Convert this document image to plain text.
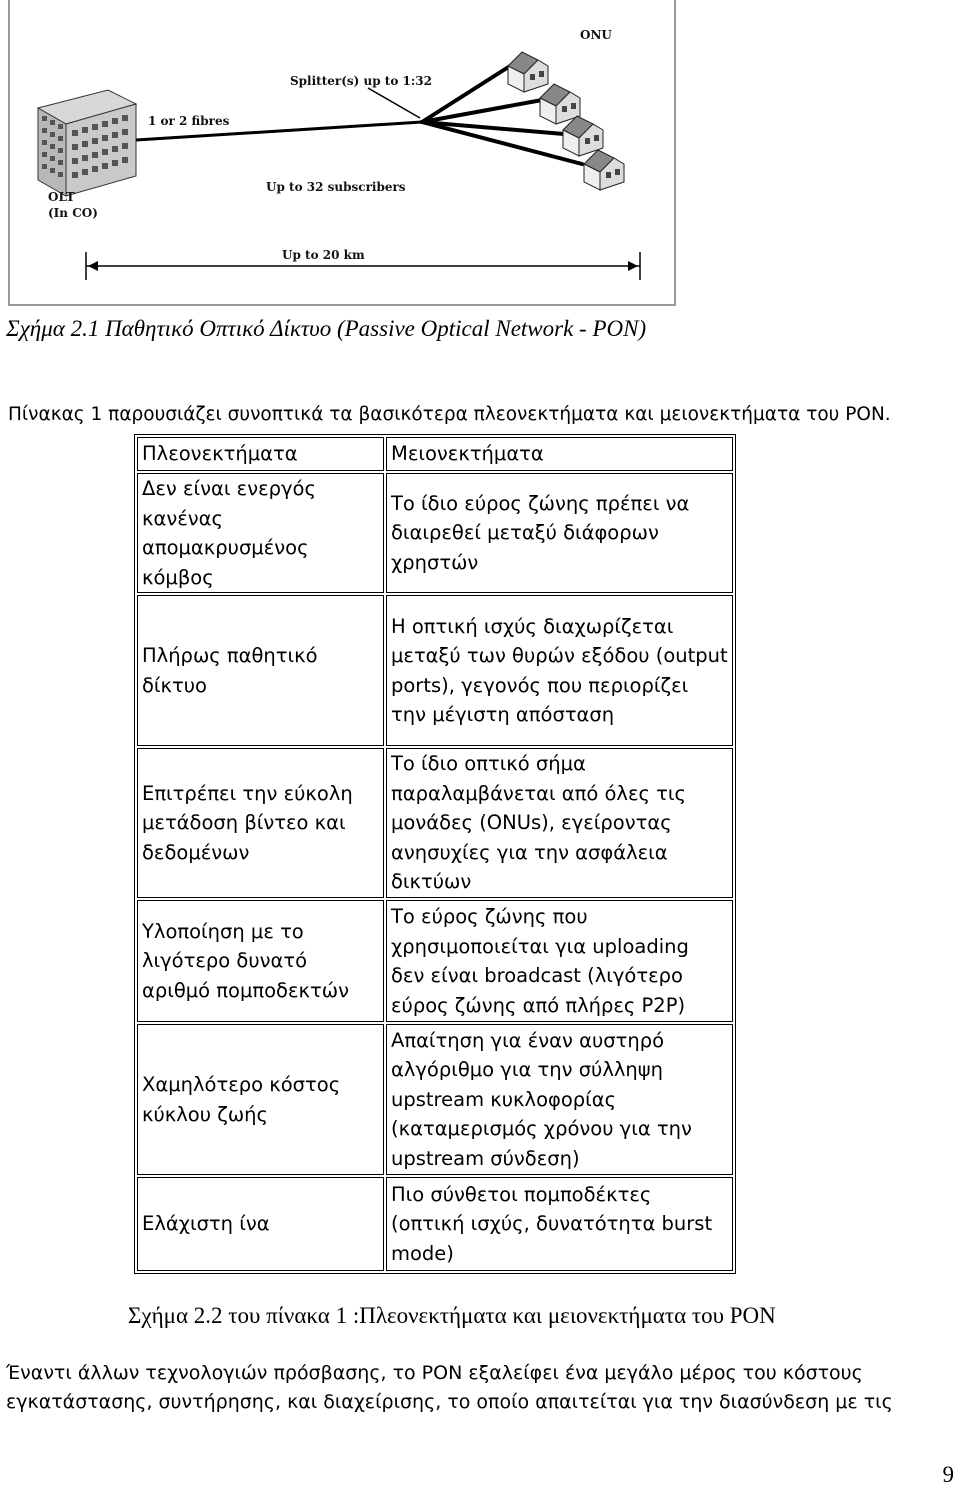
ONU
Splitter(s) up to 1:32
1 or 2 fibres
OLT
(In CO)
Up to 32 subscribers
Up to 20 km
Σχήμα 2.1 Παθητικό Οπτικό Δίκτυο (Passive Optical Network - PON)
Πίνακας 1 παρουσιάζει συνοπτικά τα βασικότερα πλεονεκτήματα και μειονεκτήματα του PON.
Πλεονεκτήματα	Μειονεκτήματα
Δεν είναι ενεργός κανένας απομακρυσμένος κόμβος	Το ίδιο εύρος ζώνης πρέπει να διαιρεθεί μεταξύ διάφορων χρηστών
Πλήρως παθητικό δίκτυο	Η οπτική ισχύς διαχωρίζεται μεταξύ των θυρών εξόδου (output ports), γεγονός που περιορίζει την μέγιστη απόσταση
Επιτρέπει την εύκολη μετάδοση βίντεο και δεδομένων	Το ίδιο οπτικό σήμα παραλαμβάνεται από όλες τις μονάδες (ONUs), εγείροντας ανησυχίες για την ασφάλεια δικτύων
Υλοποίηση με το λιγότερο δυνατό αριθμό πομποδεκτών	Το εύρος ζώνης που χρησιμοποιείται για uploading δεν είναι broadcast (λιγότερο εύρος ζώνης από πλήρες P2P)
Χαμηλότερο κόστος κύκλου ζωής	Απαίτηση για έναν αυστηρό αλγόριθμο για την σύλληψη upstream κυκλοφορίας (καταμερισμός χρόνου για την upstream σύνδεση)
Ελάχιστη ίνα	Πιο σύνθετοι πομποδέκτες (οπτική ισχύς, δυνατότητα burst mode)
Σχήμα 2.2 του πίνακα 1 :Πλεονεκτήματα και μειονεκτήματα του PON
Έναντι άλλων τεχνολογιών πρόσβασης, το PON εξαλείφει ένα μεγάλο μέρος του κόστους
εγκατάστασης, συντήρησης, και διαχείρισης, το οποίο απαιτείται για την διασύνδεση με τις
9
